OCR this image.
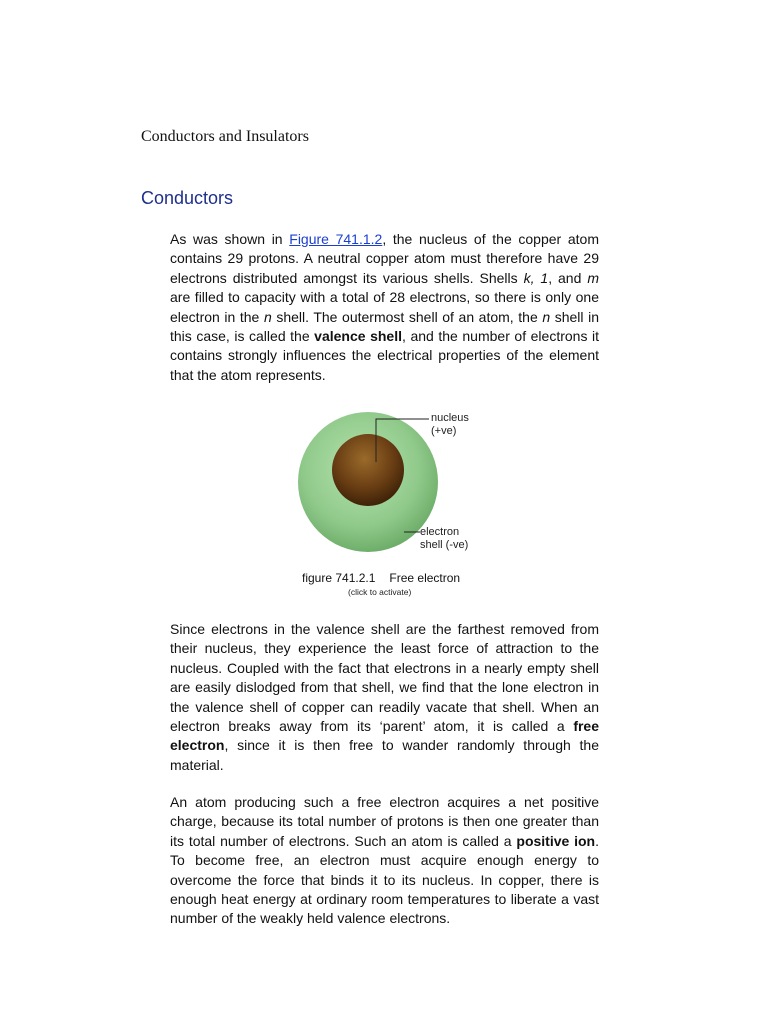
Conductors and Insulators
Conductors

As was shown in Figure 741.1.2, the nucleus of the copper atom contains 29 protons. A neutral copper atom must therefore have 29 electrons distributed amongst its various shells. Shells k, 1, and m are filled to capacity with a total of 28 electrons, so there is only one electron in the n shell. The outermost shell of an atom, the n shell in this case, is called the valence shell, and the number of electrons it contains strongly influences the electrical properties of the element that the atom represents.

nucleus
(+ve)
electron
shell (-ve)
figure 741.2.1 Free electron
(click to activate)

Since electrons in the valence shell are the farthest removed from their nucleus, they experience the least force of attraction to the nucleus. Coupled with the fact that electrons in a nearly empty shell are easily dislodged from that shell, we find that the lone electron in the valence shell of copper can readily vacate that shell. When an electron breaks away from its ‘parent’ atom, it is called a free electron, since it is then free to wander randomly through the material.

An atom producing such a free electron acquires a net positive charge, because its total number of protons is then one greater than its total number of electrons. Such an atom is called a positive ion. To become free, an electron must acquire enough energy to overcome the force that binds it to its nucleus. In copper, there is enough heat energy at ordinary room temperatures to liberate a vast number of the weakly held valence electrons.
